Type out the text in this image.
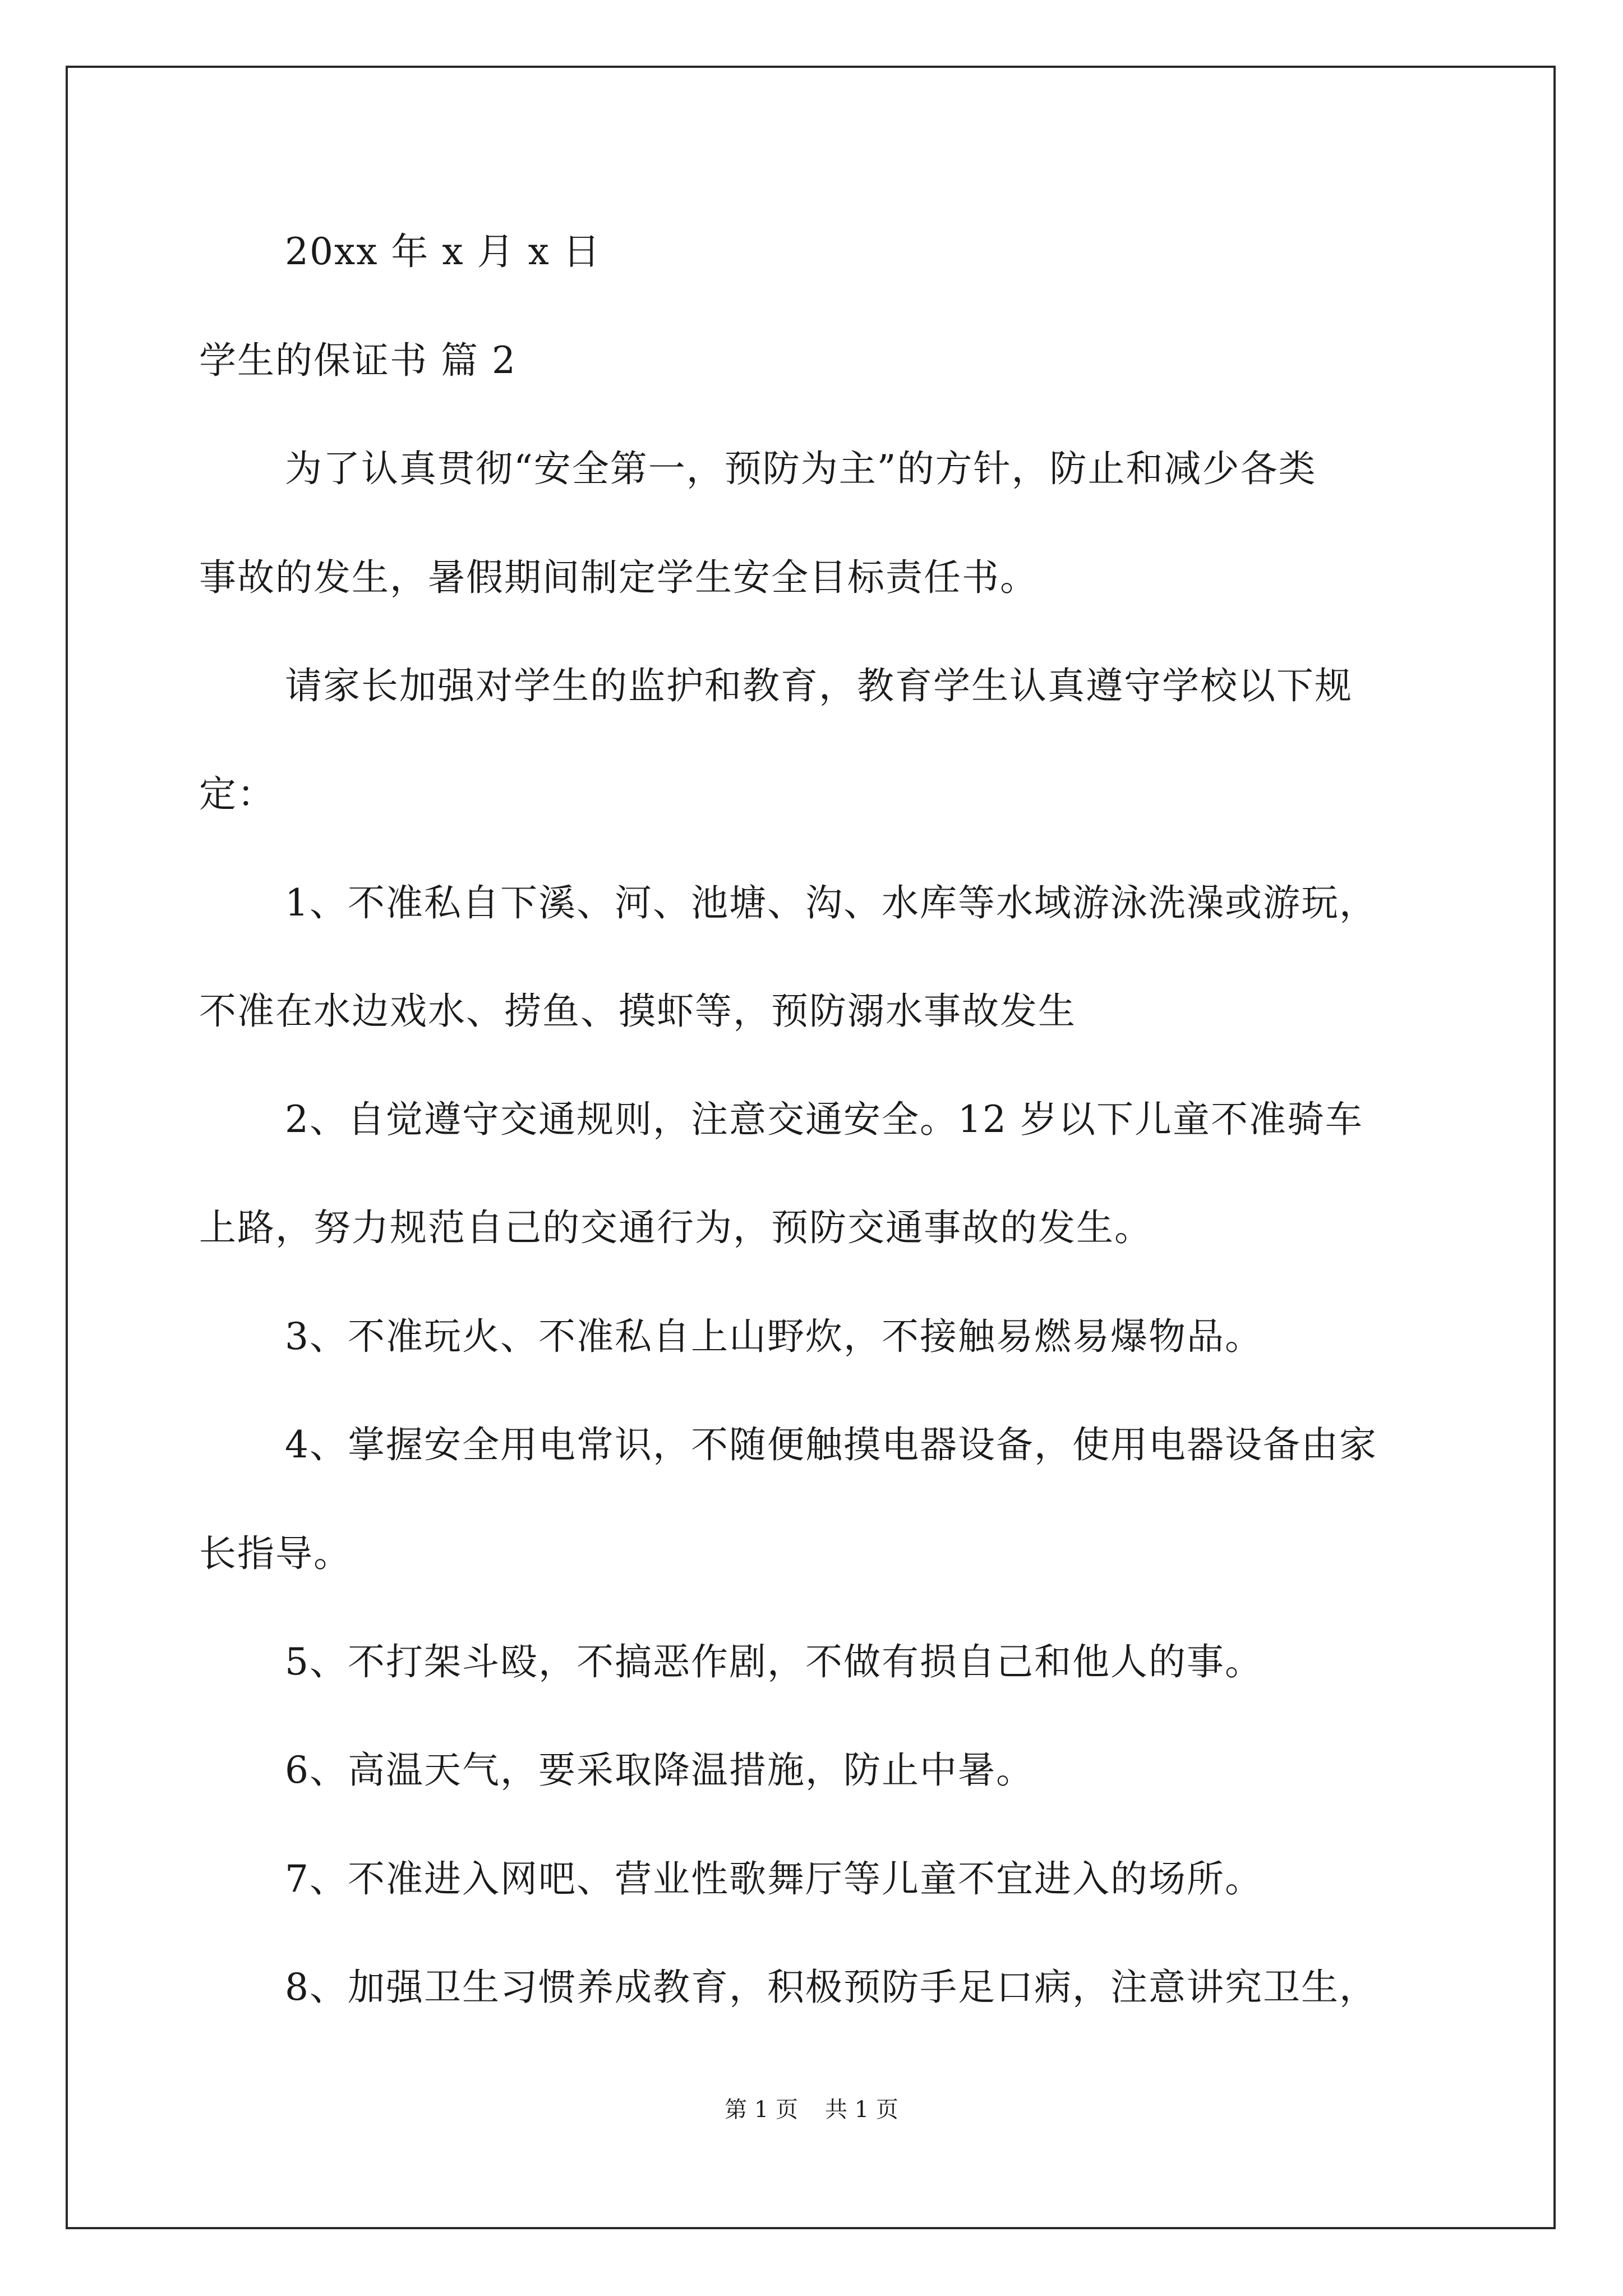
20xx 年 x 月 x 日
学生的保证书 篇 2
为了认真贯彻“安全第一，预防为主”的方针，防止和减少各类
事故的发生，暑假期间制定学生安全目标责任书。
请家长加强对学生的监护和教育，教育学生认真遵守学校以下规
定：
1、不准私自下溪、河、池塘、沟、水库等水域游泳洗澡或游玩，
不准在水边戏水、捞鱼、摸虾等，预防溺水事故发生
2、自觉遵守交通规则，注意交通安全。12 岁以下儿童不准骑车
上路，努力规范自己的交通行为，预防交通事故的发生。
3、不准玩火、不准私自上山野炊，不接触易燃易爆物品。
4、掌握安全用电常识，不随便触摸电器设备，使用电器设备由家
长指导。
5、不打架斗殴，不搞恶作剧，不做有损自己和他人的事。
6、高温天气，要采取降温措施，防止中暑。
7、不准进入网吧、营业性歌舞厅等儿童不宜进入的场所。
8、加强卫生习惯养成教育，积极预防手足口病，注意讲究卫生，
第 1 页 共 1 页
